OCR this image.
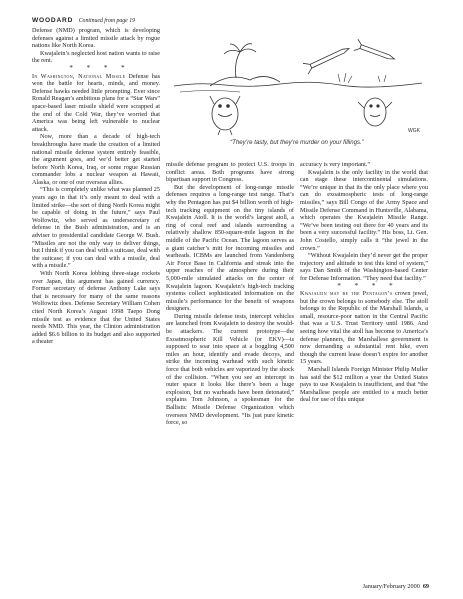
WOODARD Continued from page 19

Defense (NMD) program, which is developing defenses against a limited missile attack by rogue nations like North Korea.

Kwajalein’s neglected host nation wants to raise the rent.

* * * *

In Washington, National Missile Defense has won the battle for hearts, minds, and money. Defense hawks needed little prompting. Ever since Ronald Reagan’s ambitious plans for a “Star Wars” space-based laser missile shield were scrapped at the end of the Cold War, they’ve worried that America was being left vulnerable to nuclear attack.

Now, more than a decade of high-tech breakthroughs have made the creation of a limited national missile defense system entirely feasible, the argument goes, and we’d better get started before North Korea, Iraq, or some rogue Russian commander lobs a nuclear weapon at Hawaii, Alaska, or one of our overseas allies.

“This is completely unlike what was planned 25 years ago in that it’s only meant to deal with a limited strike—the sort of thing North Korea might be capable of doing in the future,” says Paul Wolfowitz, who served as undersecretary of defense in the Bush administration, and is an adviser to presidential candidate George W. Bush. “Missiles are not the only way to deliver things, but I think if you can deal with a suitcase, deal with the suitcase; if you can deal with a missile, deal with a missile.”

With North Korea lobbing three-stage rockets over Japan, this argument has gained currency. Former secretary of defense Anthony Lake says that is necessary for many of the same reasons Wolfowitz does. Defense Secretary William Cohen cited North Korea’s August 1998 Taepo Dong missile test as evidence that the United States needs NMD. This year, the Clinton administration added $6.6 billion to its budget and also supported a theater

WGK
“They’re tasty, but they’re murder on your fillings.”

missile defense program to protect U.S. troops in conflict areas. Both programs have strong bipartisan support in Congress.

But the development of long-range missile defenses requires a long-range test range. That’s why the Pentagon has put $4 billion worth of high-tech tracking equipment on the tiny islands of Kwajalein Atoll. It is the world’s largest atoll, a ring of coral reef and islands surrounding a relatively shallow 850-square-mile lagoon in the middle of the Pacific Ocean. The lagoon serves as a giant catcher’s mitt for incoming missiles and warheads. ICBMs are launched from Vandenberg Air Force Base in California and streak into the upper reaches of the atmosphere during their 5,000-mile simulated attacks on the center of Kwajalein lagoon. Kwajalein’s high-tech tracking systems collect sophisticated information on the missile’s performance for the benefit of weapons designers.

During missile defense tests, intercept vehicles are launched from Kwajalein to destroy the would-be attackers. The current prototype—the Exoatmospheric Kill Vehicle (or EKV)—is supposed to soar into space at a boggling 4,500 miles an hour, identify and evade decoys, and strike the incoming warhead with such kinetic force that both vehicles are vaporized by the shock of the collision. “When you see an intercept in outer space it looks like there’s been a huge explosion, but no warheads have been detonated,” explains Tom Johnson, a spokesman for the Ballistic Missile Defense Organization which oversees NMD development. “Its just pure kinetic force, so

accuracy is very important.”

Kwajalein is the only facility in the world that can stage these intercontinental simulations. “We’re unique in that its the only place where you can do exoatmospheric tests of long-range missiles,” says Bill Congo of the Army Space and Missile Defense Command in Huntsville, Alabama, which operates the Kwajalein Missile Range. “We’ve been testing out there for 40 years and its been a very successful facility.” His boss, Lt. Gen. John Costello, simply calls it “the jewel in the crown.”

“Without Kwajalein they’d never get the proper trajectory and altitude to test this kind of system,” says Dan Smith of the Washington-based Center for Defense Information. “They need that facility.”

* * * *

Kwajalein may be the Pentagon’s crown jewel, but the crown belongs to somebody else. The atoll belongs to the Republic of the Marshall Islands, a small, resource-poor nation in the Central Pacific that was a U.S. Trust Territory until 1986. And seeing how vital the atoll has become to America’s defense planners, the Marshallese government is now demanding a substantial rent hike, even though the current lease doesn’t expire for another 15 years.

Marshall Islands Foreign Minister Philip Muller has said the $12 million a year the United States pays to use Kwajalein is insufficient, and that “the Marshallese people are entitled to a much better deal for use of this unique

January/February 2000 69
